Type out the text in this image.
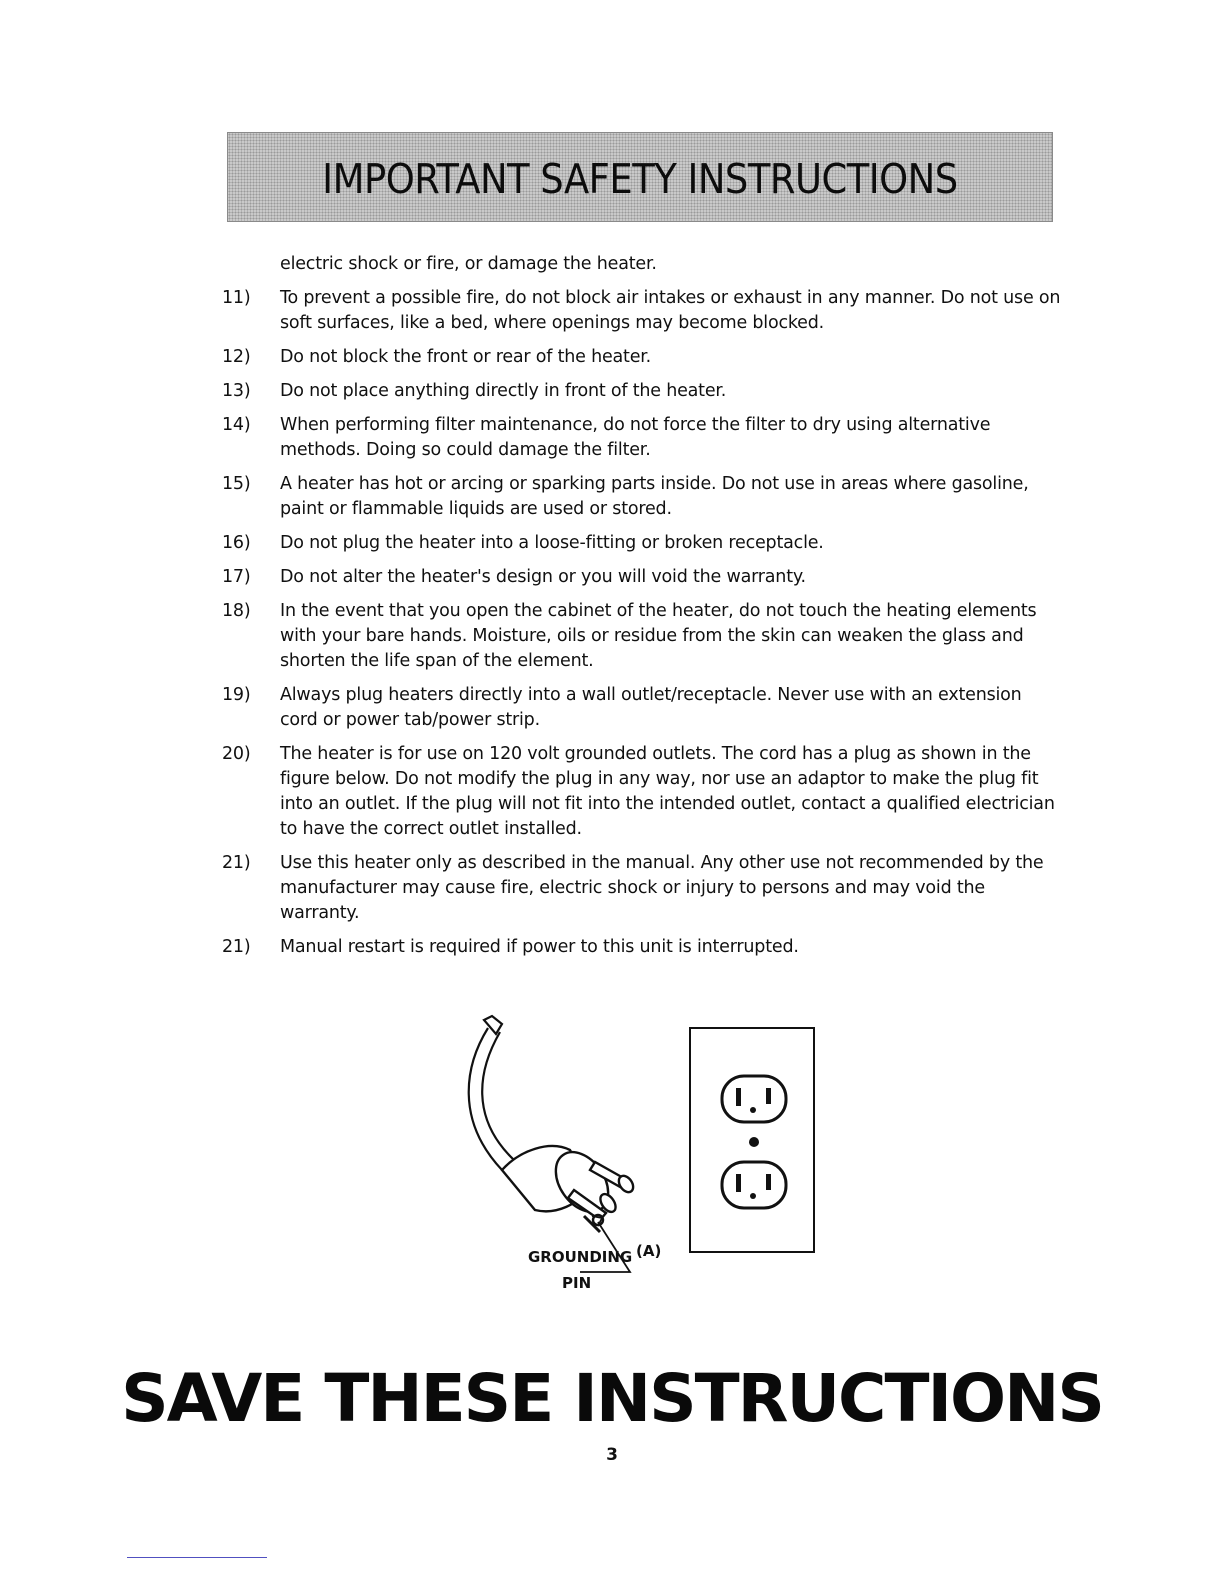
IMPORTANT SAFETY INSTRUCTIONS
electric shock or fire, or damage the heater.
11)	To prevent a possible fire, do not block air intakes or exhaust in any manner. Do not use on soft surfaces, like a bed, where openings may become blocked.
12)	Do not block the front or rear of the heater.
13)	Do not place anything directly in front of the heater.
14)	When performing filter maintenance, do not force the filter to dry using alternative methods. Doing so could damage the filter.
15)	A heater has hot or arcing or sparking parts inside. Do not use in areas where gasoline, paint or flammable liquids are used or stored.
16)	Do not plug the heater into a loose-fitting or broken receptacle.
17)	Do not alter the heater's design or you will void the warranty.
18)	In the event that you open the cabinet of the heater, do not touch the heating elements with your bare hands. Moisture, oils or residue from the skin can weaken the glass and shorten the life span of the element.
19)	Always plug heaters directly into a wall outlet/receptacle. Never use with an extension cord or power tab/power strip.
20)	The heater is for use on 120 volt grounded outlets. The cord has a plug as shown in the figure below. Do not modify the plug in any way, nor use an adaptor to make the plug fit into an outlet. If the plug will not fit into the intended outlet, contact a qualified electrician to have the correct outlet installed.
21)	Use this heater only as described in the manual. Any other use not recommended by the manufacturer may cause fire, electric shock or injury to persons and may void the warranty.
21)	Manual restart is required if power to this unit is interrupted.
GROUNDING
PIN
(A)
SAVE THESE INSTRUCTIONS
3
